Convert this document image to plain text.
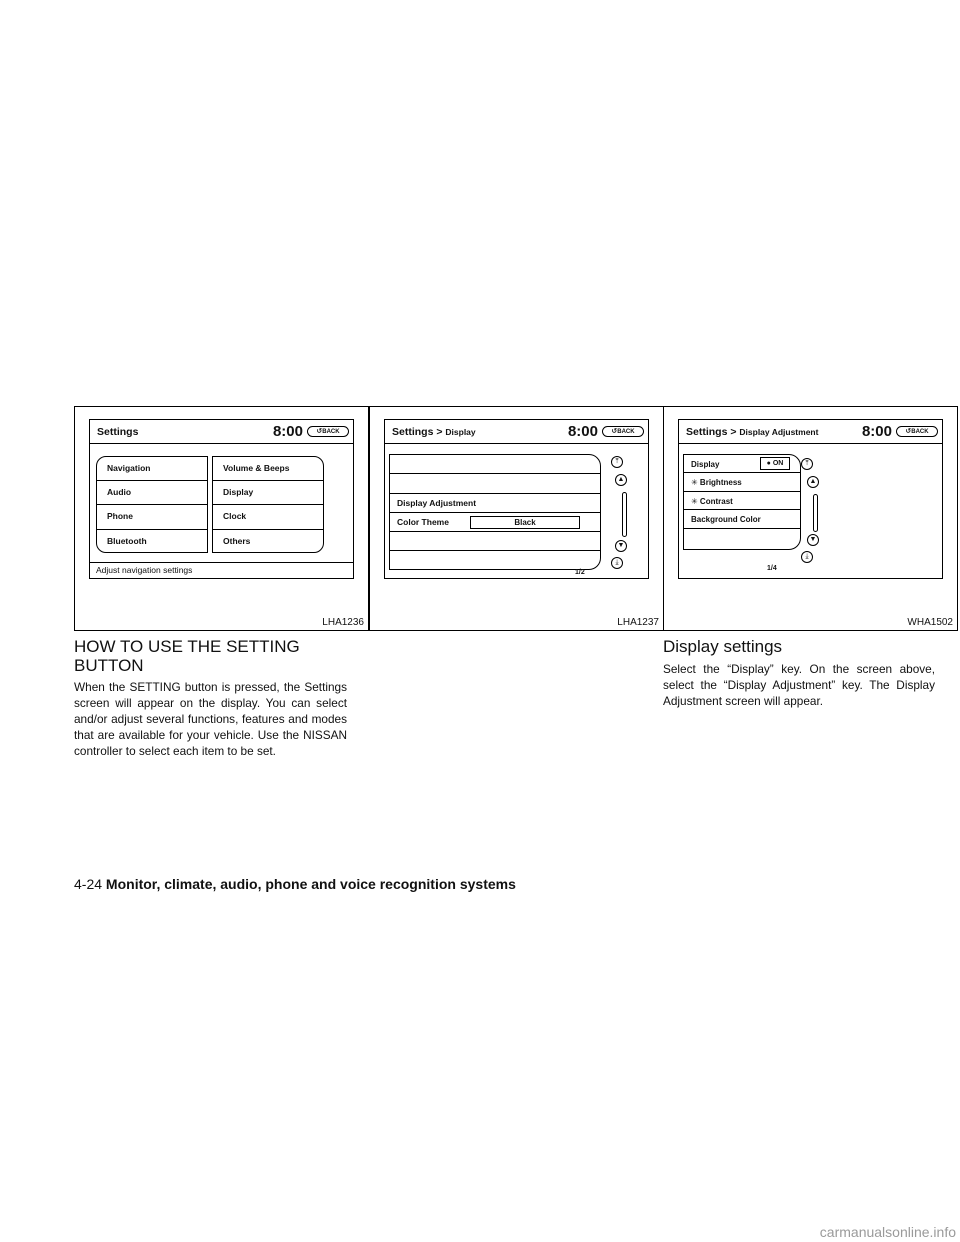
Settings	8:00	↺BACK
Navigation
Audio
Phone
Bluetooth
Volume & Beeps
Display
Clock
Others
Adjust navigation settings
LHA1236
Settings > Display	8:00	↺BACK
Display Adjustment
Color Theme	Black
⤒
▲
▼
⤓
1/2
LHA1237
Settings > Display Adjustment	8:00	↺BACK
Display	● ON
✳ Brightness
✳ Contrast
Background Color
⤒
▲
▼
⤓
1/4
WHA1502
HOW TO USE THE SETTING BUTTON

When the SETTING button is pressed, the Settings screen will appear on the display. You can select and/or adjust several functions, features and modes that are available for your vehicle. Use the NISSAN controller to select each item to be set.

Display settings

Select the “Display” key. On the screen above, select the “Display Adjustment” key. The Display Adjustment screen will appear.

4-24 Monitor, climate, audio, phone and voice recognition systems
carmanualsonline.info
